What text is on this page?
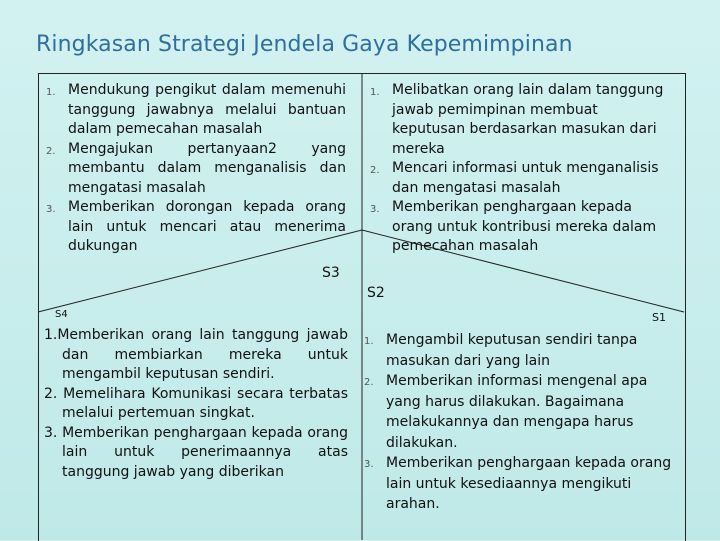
Ringkasan Strategi Jendela Gaya Kepemimpinan
1. Mendukung pengikut dalam memenuhi tanggung jawabnya melalui bantuan dalam pemecahan masalah
2. Mengajukan pertanyaan2 yang membantu dalam menganalisis dan mengatasi masalah
3. Memberikan dorongan kepada orang lain untuk mencari atau menerima dukungan
S3
1. Melibatkan orang lain dalam tanggung jawab pemimpinan membuat keputusan berdasarkan masukan dari mereka
2. Mencari informasi untuk menganalisis dan mengatasi masalah
3. Memberikan penghargaan kepada orang untuk kontribusi mereka dalam pemecahan masalah
S2
S4
1.Memberikan orang lain tanggung jawab dan membiarkan mereka untuk mengambil keputusan sendiri.
2. Memelihara Komunikasi secara terbatas melalui pertemuan singkat.
3. Memberikan penghargaan kepada orang lain untuk penerimaannya atas tanggung jawab yang diberikan
S1
1. Mengambil keputusan sendiri tanpa masukan dari yang lain
2. Memberikan informasi mengenal apa yang harus dilakukan. Bagaimana melakukannya dan mengapa harus dilakukan.
3. Memberikan penghargaan kepada orang lain untuk kesediaannya mengikuti arahan.
